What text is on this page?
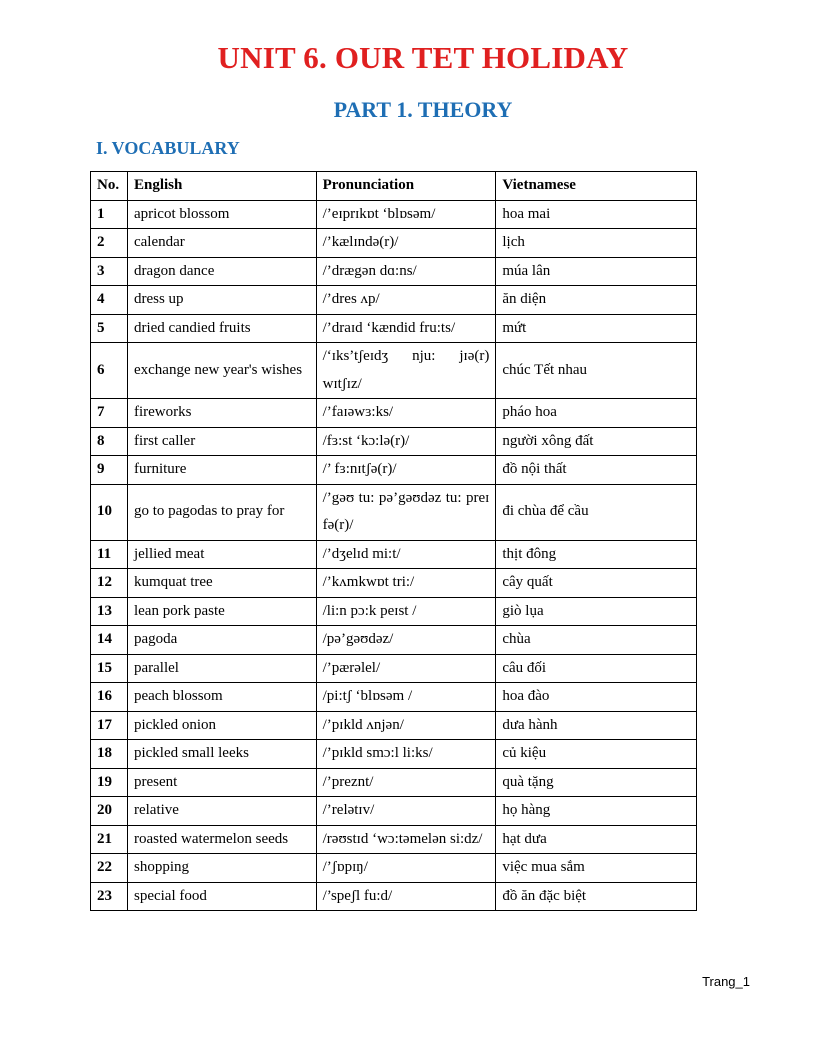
UNIT 6. OUR TET HOLIDAY
PART 1. THEORY
I. VOCABULARY
No.	English	Pronunciation	Vietnamese
1	apricot blossom	/’eɪprɪkɒt ‘blɒsəm/	hoa mai
2	calendar	/’kælɪndə(r)/	lịch
3	dragon dance	/’drægən dɑ:ns/	múa lân
4	dress up	/’dres ʌp/	ăn diện
5	dried candied fruits	/’draɪd ‘kændid fru:ts/	mứt
6	exchange new year's wishes	/‘ɪks’tʃeɪdʒ nju: jɪə(r) wɪtʃɪz/	chúc Tết nhau
7	fireworks	/’faɪəwɜ:ks/	pháo hoa
8	first caller	/fɜ:st ‘kɔ:lə(r)/	người xông đất
9	furniture	/’ fɜ:nɪtʃə(r)/	đồ nội thất
10	go to pagodas to pray for	/’gəʊ tu: pə’gəʊdəz tu: preɪ fə(r)/	đi chùa để cầu
11	jellied meat	/’dʒelɪd mi:t/	thịt đông
12	kumquat tree	/’kʌmkwɒt tri:/	cây quất
13	lean pork paste	/li:n pɔ:k peɪst /	giò lụa
14	pagoda	/pə’gəʊdəz/	chùa
15	parallel	/’pærəlel/	câu đối
16	peach blossom	/pi:tʃ ‘blɒsəm /	hoa đào
17	pickled onion	/’pɪkld ʌnjən/	dưa hành
18	pickled small leeks	/’pɪkld smɔ:l li:ks/	củ kiệu
19	present	/’preznt/	quà tặng
20	relative	/’relətɪv/	họ hàng
21	roasted watermelon seeds	/rəʊstɪd ‘wɔ:təmelən si:dz/	hạt dưa
22	shopping	/’ʃɒpɪŋ/	việc mua sắm
23	special food	/’speʃl fu:d/	đồ ăn đặc biệt
Trang_1
